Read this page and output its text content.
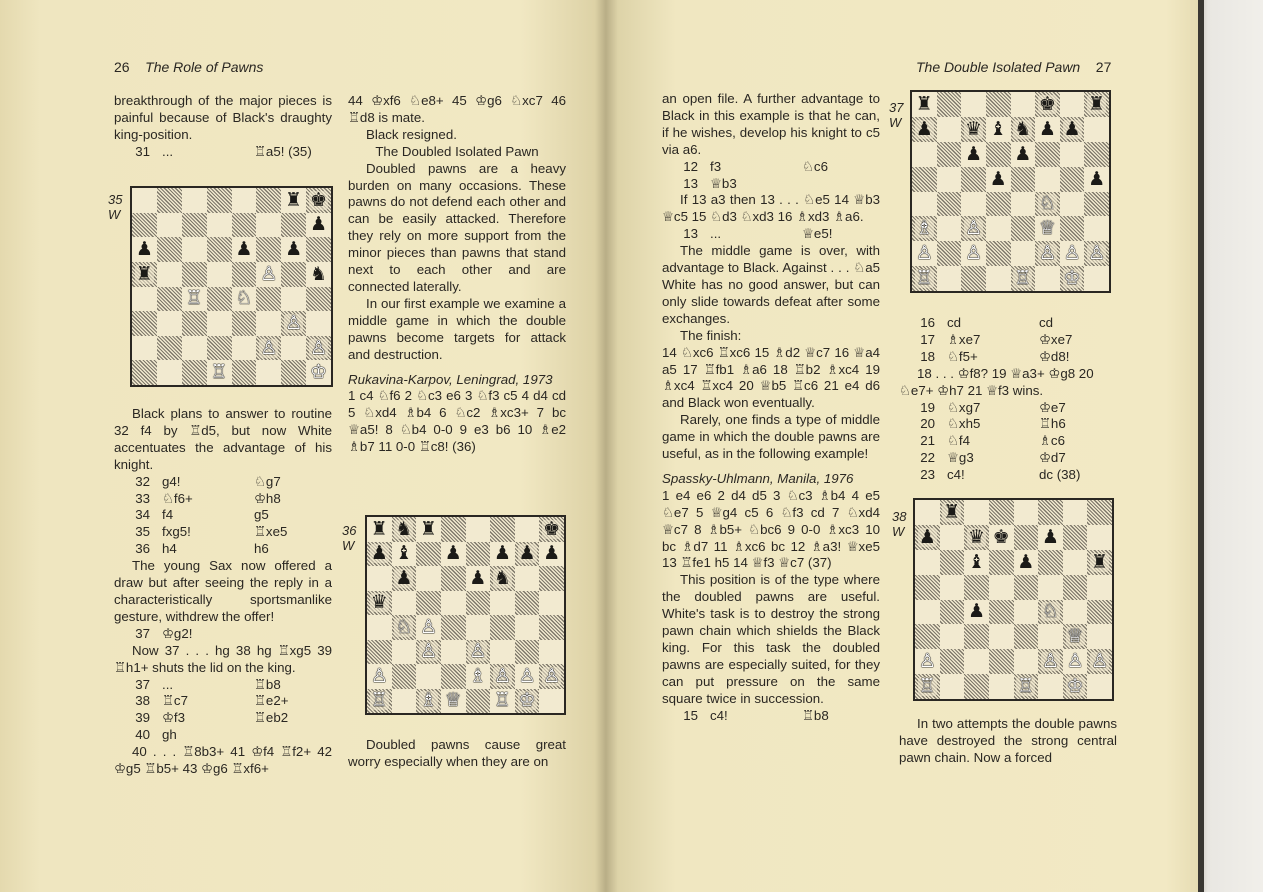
26 The Role of Pawns

breakthrough of the major pieces is painful because of Black's draughty king-position.

31 ...	♖a5! (35)
35
W
♜ ♚
♟
♟	♟ ♟
♜	♙ ♞
♖ ♘
♙
♙ ♙
♖	♔

Black plans to answer to routine 32 f4 by ♖d5, but now White accentuates the advantage of his knight.

32 g4!	♘g7
33 ♘f6+	♔h8
34 f4	g5
35 fxg5!	♖xe5
36 h4	h6

The young Sax now offered a draw but after seeing the reply in a characteristically sportsmanlike gesture, withdrew the offer!

37 ♔g2!

Now 37 . . . hg 38 hg ♖xg5 39 ♖h1+ shuts the lid on the king.

37 ...	♖b8
38 ♖c7	♖e2+
39 ♔f3	♖eb2
40 gh

40 . . . ♖8b3+ 41 ♔f4 ♖f2+ 42 ♔g5 ♖b5+ 43 ♔g6 ♖xf6+

44 ♔xf6 ♘e8+ 45 ♔g6 ♘xc7 46 ♖d8 is mate.

Black resigned.

The Doubled Isolated Pawn

Doubled pawns are a heavy burden on many occasions. These pawns do not defend each other and can be easily attacked. Therefore they rely on more support from the minor pieces than pawns that stand next to each other and are connected laterally.

In our first example we examine a middle game in which the double pawns become targets for attack and destruction.

Rukavina-Karpov, Leningrad, 1973

1 c4 ♘f6 2 ♘c3 e6 3 ♘f3 c5 4 d4 cd 5 ♘xd4 ♗b4 6 ♘c2 ♗xc3+ 7 bc ♕a5! 8 ♘b4 0-0 9 e3 b6 10 ♗e2 ♗b7 11 0-0 ♖c8! (36)

36
W
♜ ♞ ♜	♚
♟ ♝ ♟ ♟ ♟ ♟
♟	♟ ♞
♛
♘ ♙
♙ ♙
♙	♗ ♙ ♙ ♙
♖ ♗ ♕ ♖ ♔

Doubled pawns cause great worry especially when they are on

The Double Isolated Pawn 27

an open file. A further advantage to Black in this example is that he can, if he wishes, develop his knight to c5 via a6.

12 f3	♘c6
13 ♕b3

If 13 a3 then 13 . . . ♘e5 14 ♕b3 ♕c5 15 ♘d3 ♘xd3 16 ♗xd3 ♗a6.

13 ...	♕e5!

The middle game is over, with advantage to Black. Against . . . ♘a5 White has no good answer, but can only slide towards defeat after some exchanges.

The finish:

14 ♘xc6 ♖xc6 15 ♗d2 ♕c7 16 ♕a4 a5 17 ♖fb1 ♗a6 18 ♖b2 ♗xc4 19 ♗xc4 ♖xc4 20 ♕b5 ♖c6 21 e4 d6 and Black won eventually.

Rarely, one finds a type of middle game in which the double pawns are useful, as in the following example!

Spassky-Uhlmann, Manila, 1976

1 e4 e6 2 d4 d5 3 ♘c3 ♗b4 4 e5 ♘e7 5 ♕g4 c5 6 ♘f3 cd 7 ♘xd4 ♕c7 8 ♗b5+ ♘bc6 9 0-0 ♗xc3 10 bc ♗d7 11 ♗xc6 bc 12 ♗a3! ♕xe5 13 ♖fe1 h5 14 ♕f3 ♕c7 (37)

This position is of the type where the doubled pawns are useful. White's task is to destroy the strong pawn chain which shields the Black king. For this task the doubled pawns are especially suited, for they can put pressure on the same square twice in succession.

15 c4!	♖b8
37
W
♜	♚ ♜
♟ ♛ ♝ ♞ ♟ ♟
♟ ♟
♟	♟
♘
♗ ♙	♕
♙ ♙	♙ ♙ ♙
♖	♖ ♔
16 cd	cd
17 ♗xe7	♔xe7
18 ♘f5+	♔d8!

18 . . . ♔f8? 19 ♕a3+ ♔g8 20 ♘e7+ ♔h7 21 ♕f3 wins.

19 ♘xg7	♔e7
20 ♘xh5	♖h6
21 ♘f4	♗c6
22 ♕g3	♔d7
23 c4!	dc (38)
38
W
♜
♟ ♛ ♚ ♟
♝ ♟	♜
♟	♘
♕
♙	♙ ♙ ♙
♖	♖ ♔

In two attempts the double pawns have destroyed the strong central pawn chain. Now a forced
